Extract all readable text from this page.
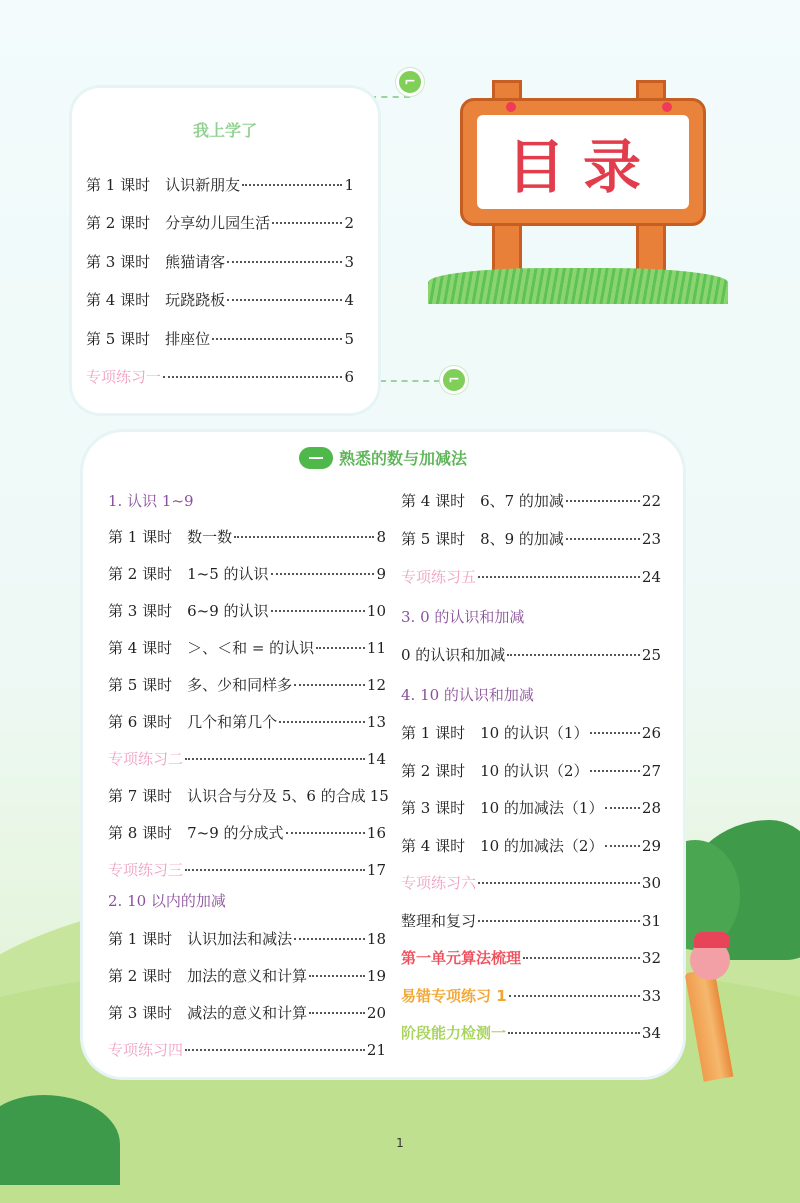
⌐
⌐
目录
我上学了
第 1 课时　认识新朋友	1
第 2 课时　分享幼儿园生活	2
第 3 课时　熊猫请客	3
第 4 课时　玩跷跷板	4
第 5 课时　排座位	5
专项练习一	6
熟悉的数与加减法
1. 认识 1~9
2. 10 以内的加减
3. 0 的认识和加减
4. 10 的认识和加减
第 1 课时　数一数	8
第 2 课时　1~5 的认识	9
第 3 课时　6~9 的认识	10
第 4 课时　＞、＜和 = 的认识	11
第 5 课时　多、少和同样多	12
第 6 课时　几个和第几个	13
专项练习二	14
第 7 课时　认识合与分及 5、6 的合成 15
第 8 课时　7~9 的分成式	16
专项练习三	17
第 1 课时　认识加法和减法	18
第 2 课时　加法的意义和计算	19
第 3 课时　减法的意义和计算	20
专项练习四	21
第 4 课时　6、7 的加减	22
第 5 课时　8、9 的加减	23
专项练习五	24
0 的认识和加减	25
第 1 课时　10 的认识（1）	26
第 2 课时　10 的认识（2）	27
第 3 课时　10 的加减法（1）	28
第 4 课时　10 的加减法（2）	29
专项练习六	30
整理和复习	31
第一单元算法梳理	32
易错专项练习 1	33
阶段能力检测一	34
1
